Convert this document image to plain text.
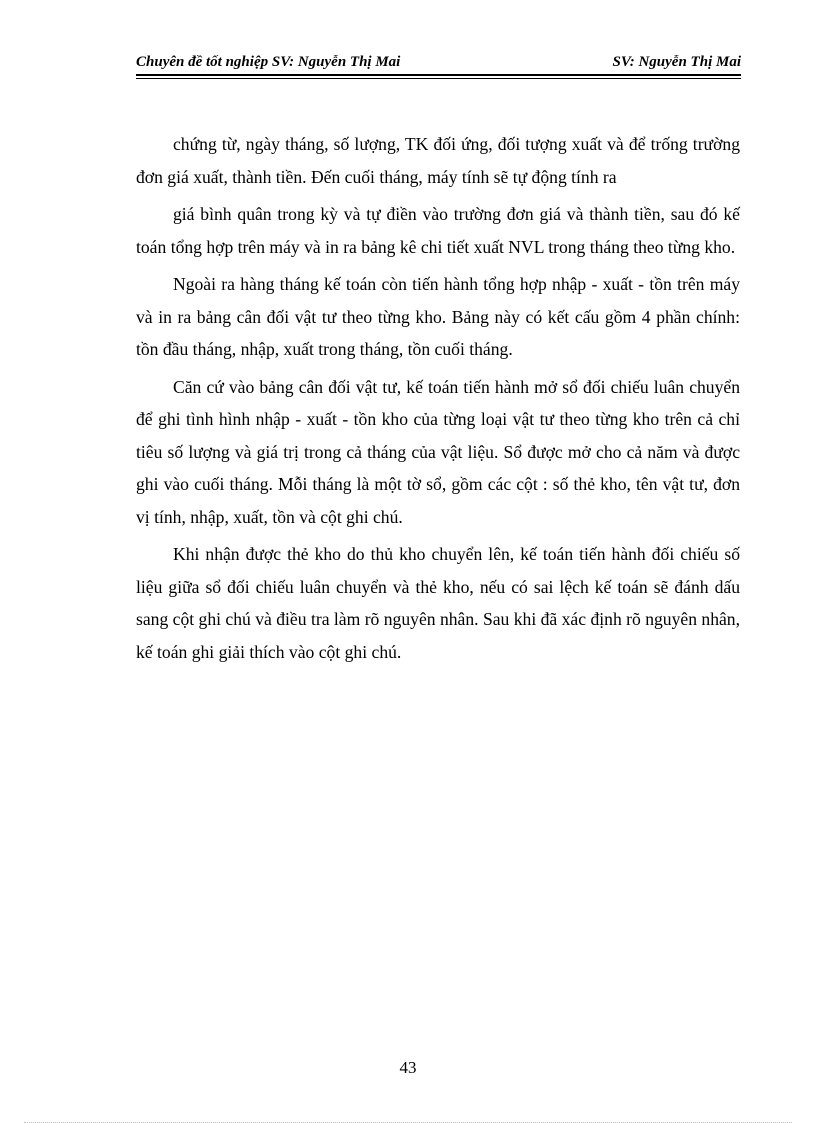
Chuyên đề tốt nghiệp SV: Nguyễn Thị Mai	SV: Nguyễn Thị Mai

chứng từ, ngày tháng, số lượng, TK đối ứng, đối tượng xuất và để trống trường đơn giá xuất, thành tiền. Đến cuối tháng, máy tính sẽ tự động tính ra

giá bình quân trong kỳ và tự điền vào trường đơn giá và thành tiền, sau đó kế toán tổng hợp trên máy và in ra bảng kê chi tiết xuất NVL trong tháng theo từng kho.

Ngoài ra hàng tháng kế toán còn tiến hành tổng hợp nhập - xuất - tồn trên máy và in ra bảng cân đối vật tư theo từng kho. Bảng này có kết cấu gồm 4 phần chính: tồn đầu tháng, nhập, xuất trong tháng, tồn cuối tháng.

Căn cứ vào bảng cân đối vật tư, kế toán tiến hành mở sổ đối chiếu luân chuyển để ghi tình hình nhập - xuất - tồn kho của từng loại vật tư theo từng kho trên cả chỉ tiêu số lượng và giá trị trong cả tháng của vật liệu. Sổ được mở cho cả năm và được ghi vào cuối tháng. Mỗi tháng là một tờ sổ, gồm các cột : số thẻ kho, tên vật tư, đơn vị tính, nhập, xuất, tồn và cột ghi chú.

Khi nhận được thẻ kho do thủ kho chuyển lên, kế toán tiến hành đối chiếu số liệu giữa sổ đối chiếu luân chuyển và thẻ kho, nếu có sai lệch kế toán sẽ đánh dấu sang cột ghi chú và điều tra làm rõ nguyên nhân. Sau khi đã xác định rõ nguyên nhân, kế toán ghi giải thích vào cột ghi chú.

43
